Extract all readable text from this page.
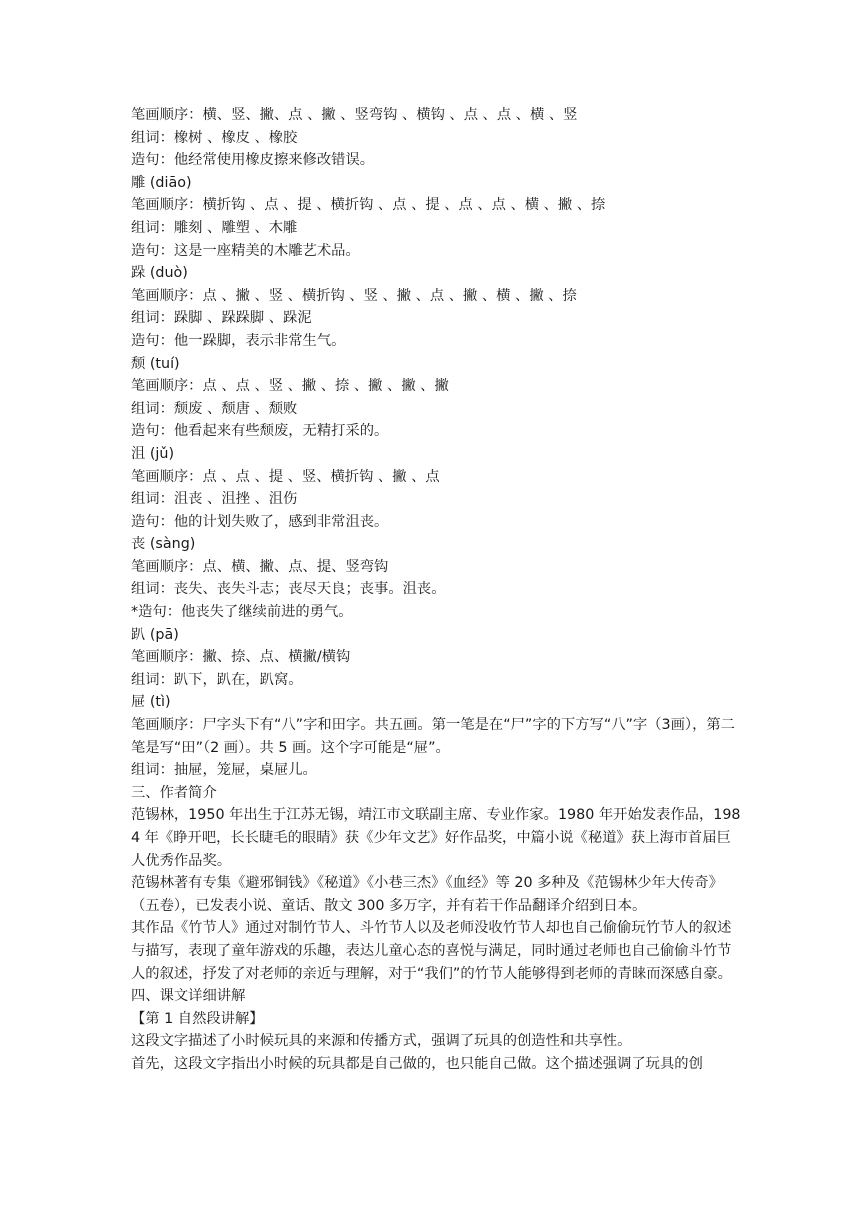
笔画顺序：横、竖、撇、点 、撇 、竖弯钩 、横钩 、点 、点 、横 、竖
组词：橡树 、橡皮 、橡胶
造句：他经常使用橡皮擦来修改错误。
雕 (diāo)
笔画顺序：横折钩 、点 、提 、横折钩 、点 、提 、点 、点 、横 、撇 、捺
组词：雕刻 、雕塑 、木雕
造句：这是一座精美的木雕艺术品。
跺 (duò)
笔画顺序：点 、撇 、竖 、横折钩 、竖 、撇 、点 、撇 、横 、撇 、捺
组词：跺脚 、跺跺脚 、跺泥
造句：他一跺脚，表示非常生气。
颓 (tuí)
笔画顺序：点 、点 、竖 、撇 、捺 、撇 、撇 、撇
组词：颓废 、颓唐 、颓败
造句：他看起来有些颓废，无精打采的。
沮 (jǔ)
笔画顺序：点 、点 、提 、竖、横折钩 、撇 、点
组词：沮丧 、沮挫 、沮伤
造句：他的计划失败了，感到非常沮丧。
丧 (sàng)
笔画顺序：点、横、撇、点、提、竖弯钩
组词：丧失、丧失斗志；丧尽天良；丧事。沮丧。
*造句：他丧失了继续前进的勇气。
趴 (pā)
笔画顺序：撇、捺、点、横撇/横钩
组词：趴下，趴在，趴窝。
屉 (tì)
笔画顺序：尸字头下有“八”字和田字。共五画。第一笔是在“尸”字的下方写“八”字（3画），第二笔是写“田”（2 画）。共 5 画。这个字可能是“屉”。
组词：抽屉，笼屉，桌屉儿。
三、作者简介
范锡林，1950 年出生于江苏无锡，靖江市文联副主席、专业作家。1980 年开始发表作品，1984 年《睁开吧，长长睫毛的眼睛》获《少年文艺》好作品奖，中篇小说《秘道》获上海市首届巨人优秀作品奖。
范锡林著有专集《避邪铜钱》《秘道》《小巷三杰》《血经》等 20 多种及《范锡林少年大传奇》（五卷），已发表小说、童话、散文 300 多万字，并有若干作品翻译介绍到日本。
其作品《竹节人》通过对制竹节人、斗竹节人以及老师没收竹节人却也自己偷偷玩竹节人的叙述与描写，表现了童年游戏的乐趣，表达儿童心态的喜悦与满足，同时通过老师也自己偷偷斗竹节人的叙述，抒发了对老师的亲近与理解，对于“我们”的竹节人能够得到老师的青睐而深感自豪。
四、课文详细讲解
【第 1 自然段讲解】
这段文字描述了小时候玩具的来源和传播方式，强调了玩具的创造性和共享性。
首先，这段文字指出小时候的玩具都是自己做的，也只能自己做。这个描述强调了玩具的创
